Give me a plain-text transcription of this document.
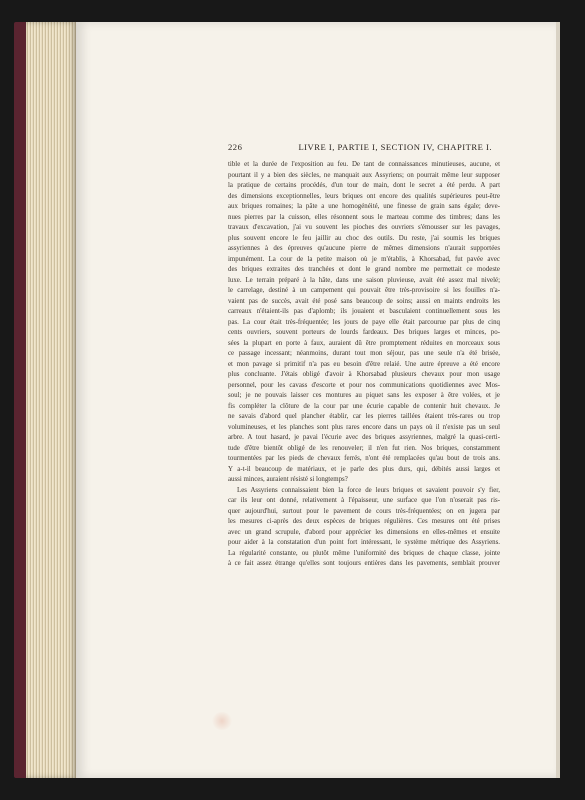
226	LIVRE I, PARTIE I, SECTION IV, CHAPITRE I.
tible et la durée de l'exposition au feu. De tant de connaissances minutieuses, aucune, et
pourtant il y a bien des siècles, ne manquait aux Assyriens; on pourrait même leur supposer
la pratique de certains procédés, d'un tour de main, dont le secret a été perdu. A part
des dimensions exceptionnelles, leurs briques ont encore des qualités supérieures peut-être
aux briques romaines; la pâte a une homogénéité, une finesse de grain sans égale; deve-
nues pierres par la cuisson, elles résonnent sous le marteau comme des timbres; dans les
travaux d'excavation, j'ai vu souvent les pioches des ouvriers s'émousser sur les pavages,
plus souvent encore le feu jaillir au choc des outils. Du reste, j'ai soumis les briques
assyriennes à des épreuves qu'aucune pierre de mêmes dimensions n'aurait supportées
impunément. La cour de la petite maison où je m'établis, à Khorsabad, fut pavée avec
des briques extraites des tranchées et dont le grand nombre me permettait ce modeste
luxe. Le terrain préparé à la hâte, dans une saison pluvieuse, avait été assez mal nivelé;
le carrelage, destiné à un campement qui pouvait être très-provisoire si les fouilles n'a-
vaient pas de succès, avait été posé sans beaucoup de soins; aussi en maints endroits les
carreaux n'étaient-ils pas d'aplomb; ils jouaient et basculaient continuellement sous les
pas. La cour était très-fréquentée; les jours de paye elle était parcourue par plus de cinq
cents ouvriers, souvent porteurs de lourds fardeaux. Des briques larges et minces, po-
sées la plupart en porte à faux, auraient dû être promptement réduites en morceaux sous
ce passage incessant; néanmoins, durant tout mon séjour, pas une seule n'a été brisée,
et mon pavage si primitif n'a pas eu besoin d'être relaié. Une autre épreuve a été encore
plus concluante. J'étais obligé d'avoir à Khorsabad plusieurs chevaux pour mon usage
personnel, pour les cavass d'escorte et pour nos communications quotidiennes avec Mos-
soul; je ne pouvais laisser ces montures au piquet sans les exposer à être volées, et je
fis compléter la clôture de la cour par une écurie capable de contenir huit chevaux. Je
ne savais d'abord quel plancher établir, car les pierres taillées étaient très-rares ou trop
volumineuses, et les planches sont plus rares encore dans un pays où il n'existe pas un seul
arbre. A tout hasard, je pavai l'écurie avec des briques assyriennes, malgré la quasi-certi-
tude d'être bientôt obligé de les renouveler; il n'en fut rien. Nos briques, constamment
tourmentées par les pieds de chevaux ferrés, n'ont été remplacées qu'au bout de trois ans.
Y a-t-il beaucoup de matériaux, et je parle des plus durs, qui, débités aussi larges et
aussi minces, auraient résisté si longtemps?
Les Assyriens connaissaient bien la force de leurs briques et savaient pouvoir s'y fier,
car ils leur ont donné, relativement à l'épaisseur, une surface que l'on n'oserait pas ris-
quer aujourd'hui, surtout pour le pavement de cours très-fréquentées; on en jugera par
les mesures ci-après des deux espèces de briques régulières. Ces mesures ont été prises
avec un grand scrupule, d'abord pour apprécier les dimensions en elles-mêmes et ensuite
pour aider à la constatation d'un point fort intéressant, le système métrique des Assyriens.
La régularité constante, ou plutôt même l'uniformité des briques de chaque classe, jointe
à ce fait assez étrange qu'elles sont toujours entières dans les pavements, semblait prouver
